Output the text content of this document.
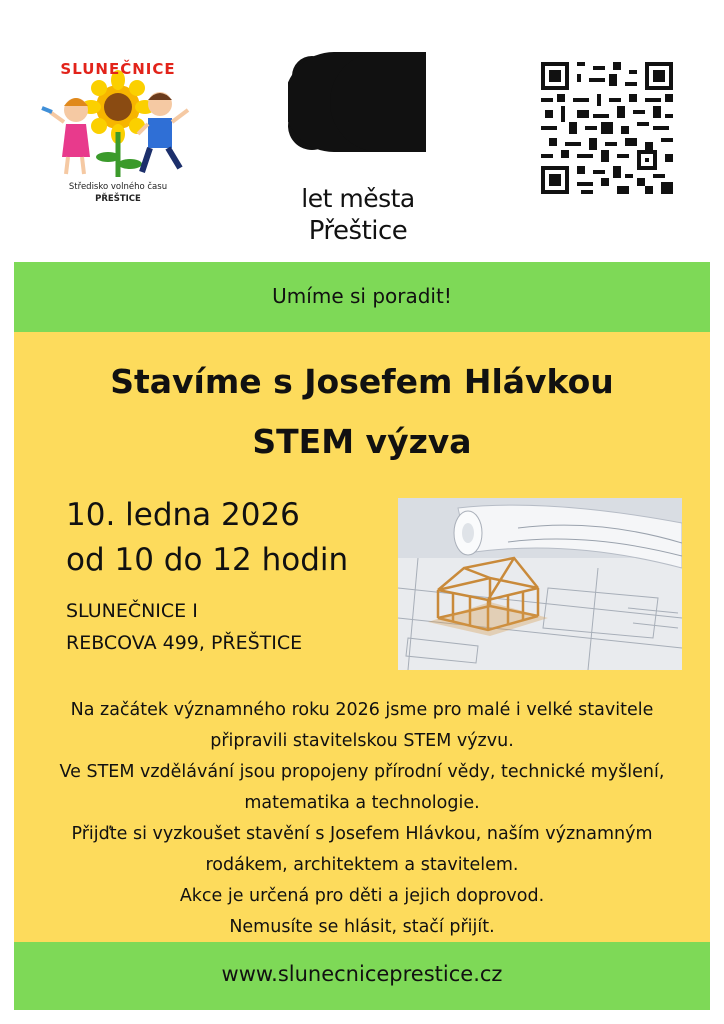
SLUNEČNICE
Středisko volného času
PŘEŠTICE	let města
Přeštice
Umíme si poradit!
Stavíme s Josefem Hlávkou
STEM výzva
10. ledna 2026
od 10 do 12 hodin
SLUNEČNICE I
REBCOVA 499, PŘEŠTICE
Na začátek významného roku 2026 jsme pro malé i velké stavitele
připravili stavitelskou STEM výzvu.
Ve STEM vzdělávání jsou propojeny přírodní vědy, technické myšlení,
matematika a technologie.
Přijďte si vyzkoušet stavění s Josefem Hlávkou, naším významným
rodákem, architektem a stavitelem.
Akce je určená pro děti a jejich doprovod.
Nemusíte se hlásit, stačí přijít.
www.slunecniceprestice.cz
